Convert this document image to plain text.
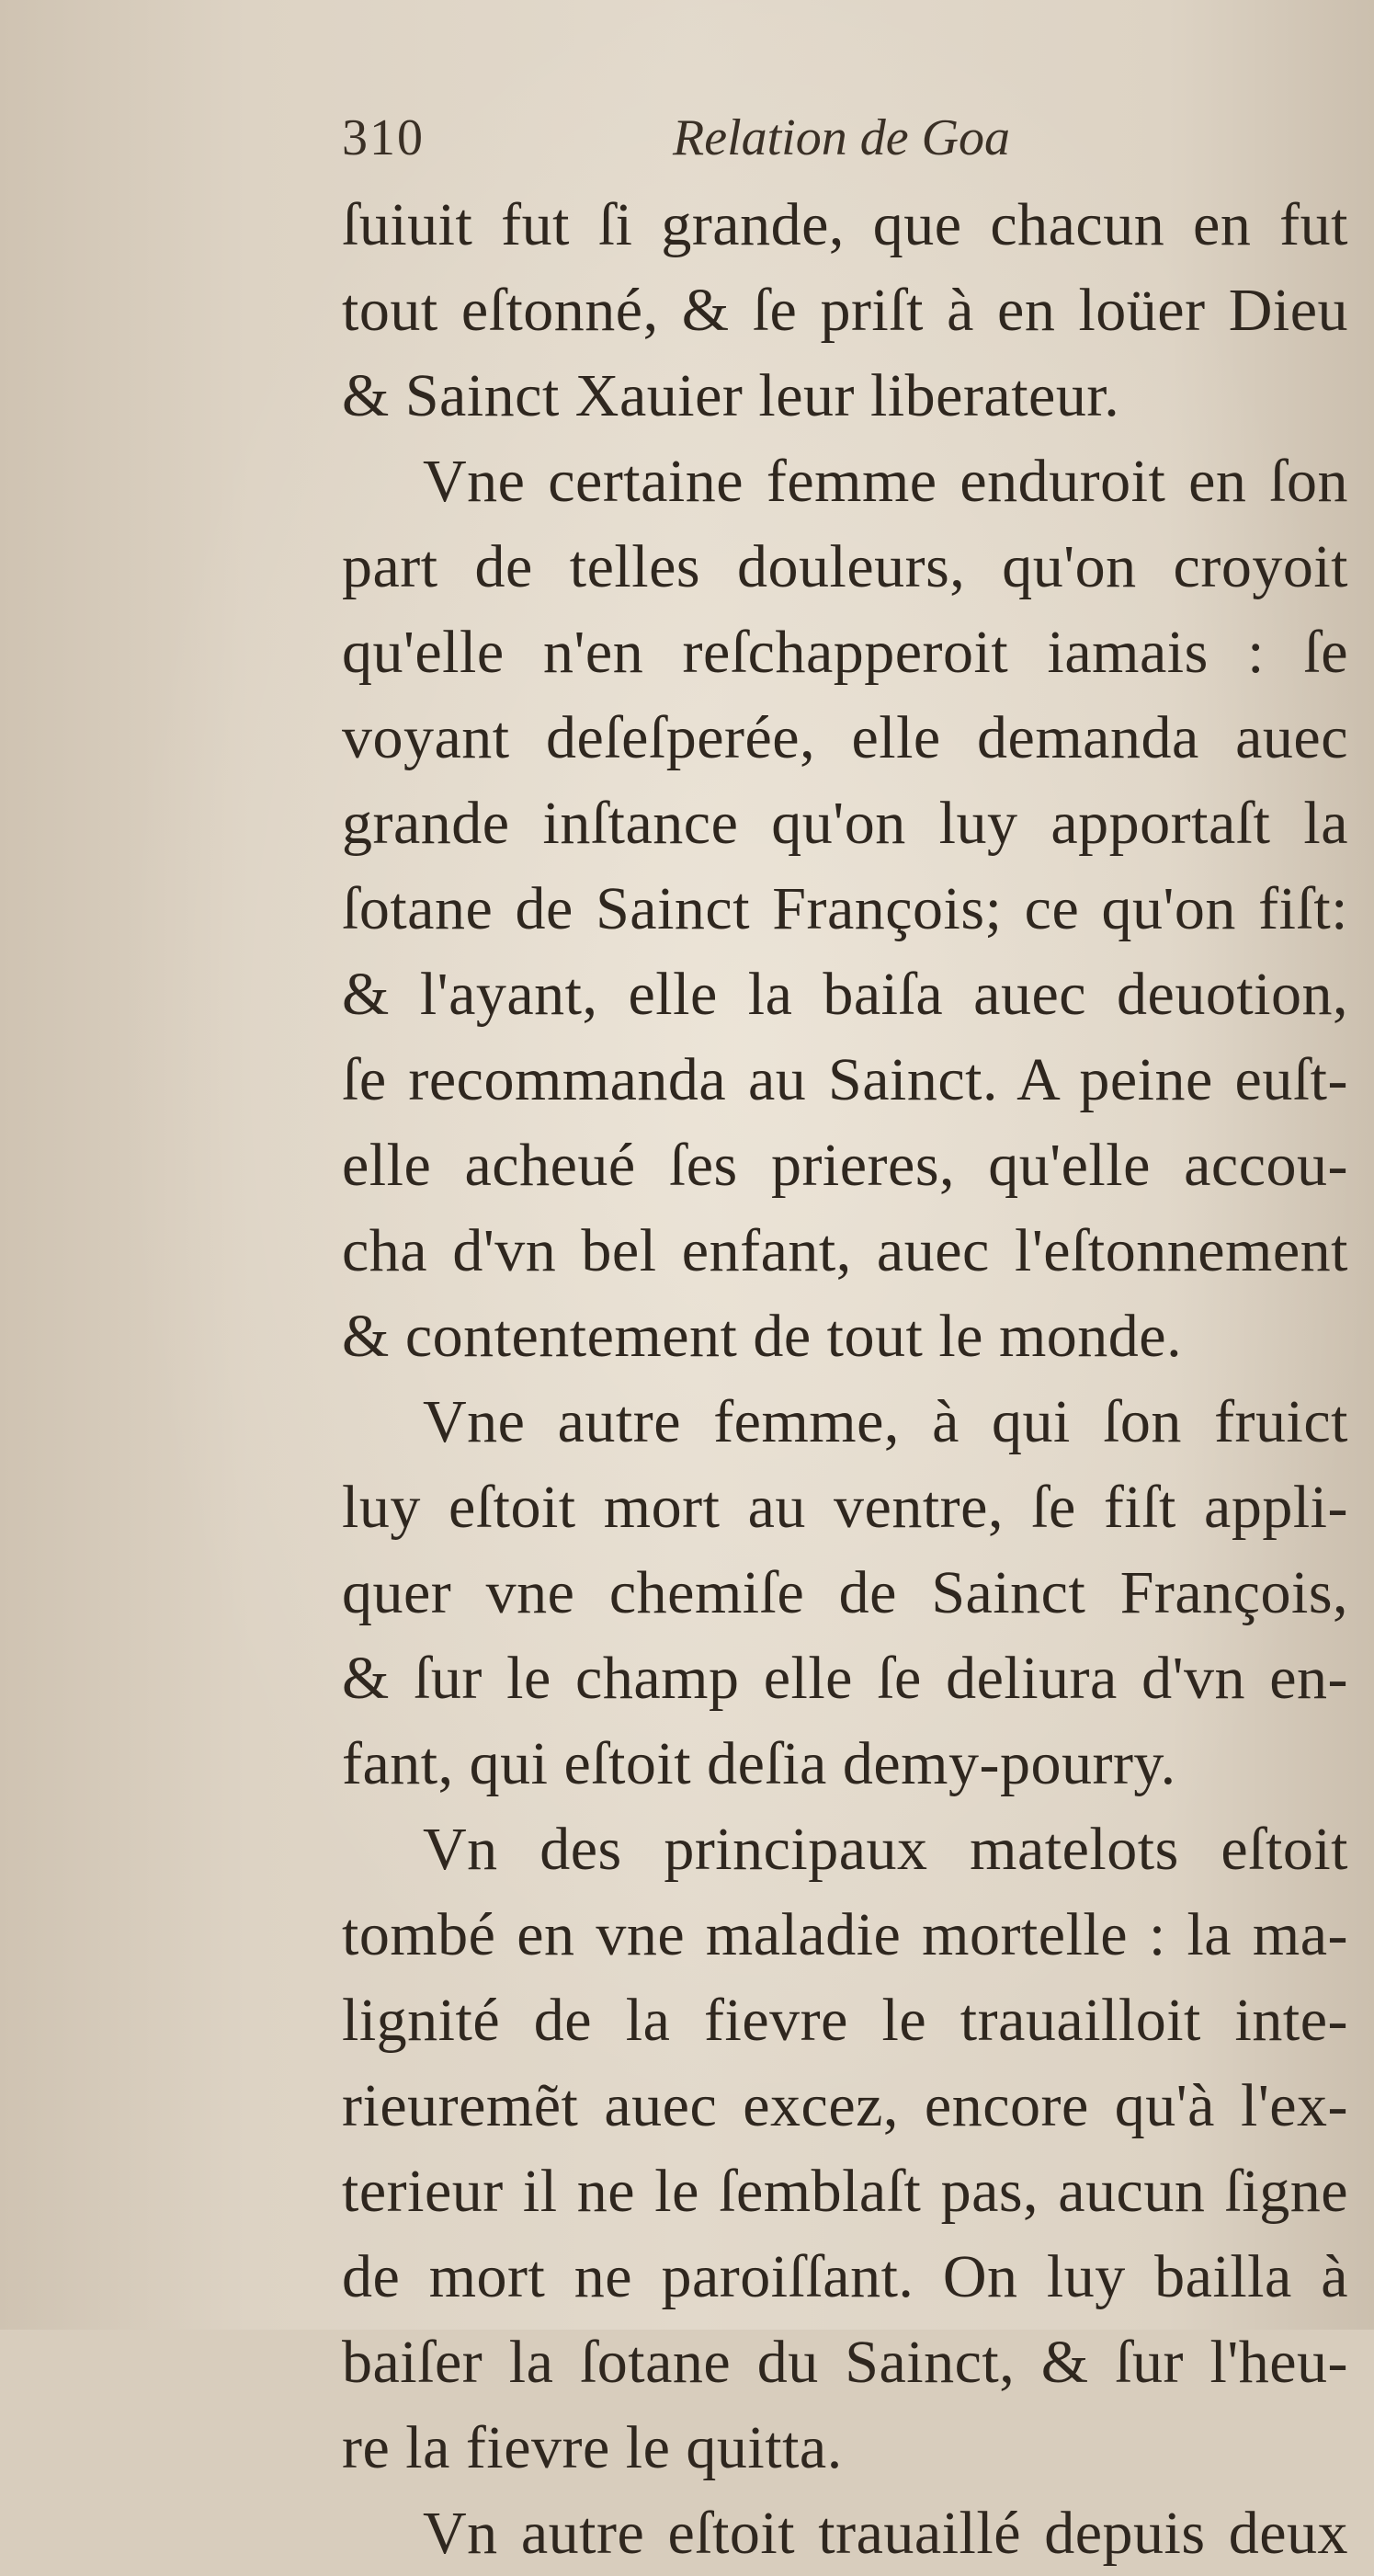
310	Relation de Goa
ſuiuit fut ſi grande, que chacun en fut
tout eſtonné, & ſe priſt à en loüer Dieu
& Sainct Xauier leur liberateur.
Vne certaine femme enduroit en ſon
part de telles douleurs, qu'on croyoit
qu'elle n'en reſchapperoit iamais : ſe
voyant deſeſperée, elle demanda auec
grande inſtance qu'on luy apportaſt la
ſotane de Sainct François; ce qu'on fiſt:
& l'ayant, elle la baiſa auec deuotion,
ſe recommanda au Sainct. A peine euſt-
elle acheué ſes prieres, qu'elle accou-
cha d'vn bel enfant, auec l'eſtonnement
& contentement de tout le monde.
Vne autre femme, à qui ſon fruict
luy eſtoit mort au ventre, ſe fiſt appli-
quer vne chemiſe de Sainct François,
& ſur le champ elle ſe deliura d'vn en-
fant, qui eſtoit deſia demy-pourry.
Vn des principaux matelots eſtoit
tombé en vne maladie mortelle : la ma-
lignité de la fievre le trauailloit inte-
rieuremẽt auec excez, encore qu'à l'ex-
terieur il ne le ſemblaſt pas, aucun ſigne
de mort ne paroiſſant. On luy bailla à
baiſer la ſotane du Sainct, & ſur l'heu-
re la fievre le quitta.
Vn autre eſtoit trauaillé depuis deux
